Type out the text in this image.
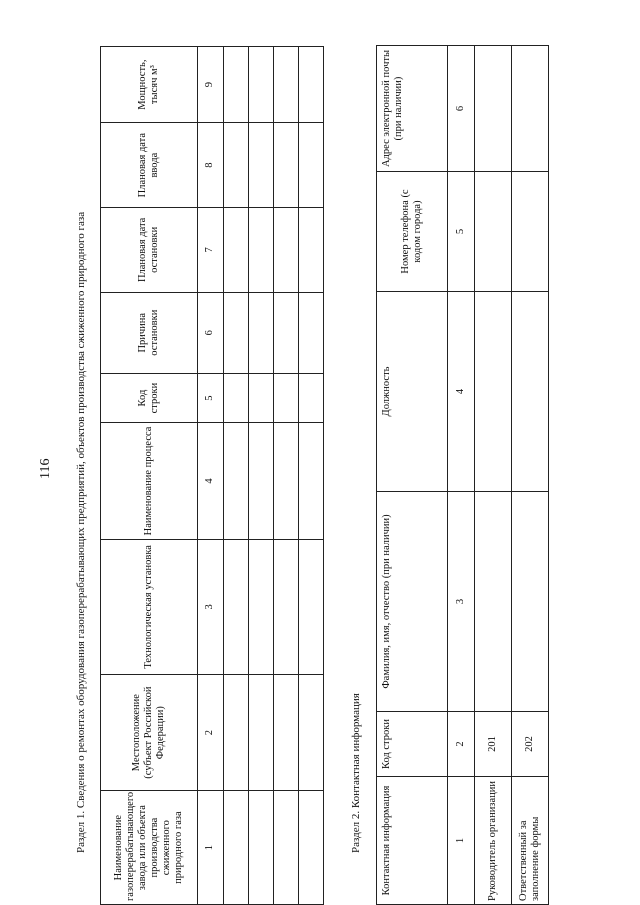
116 Раздел 1. Сведения о ремонтах оборудования газоперерабатывающих предприятий, объектов производства сжиженного природного газа Наименование газоперерабатывающего завода или объекта производства сжиженного природного газа	Местоположение (субъект Российской Федерации)	Технологическая установка	Наименование процесса	Код строки	Причина остановки	Плановая дата остановки	Плановая дата ввода	Мощность, тысяч м³
1	2	3	4	5	6	7	8	9

Раздел 2. Контактная информация Контактная информация	Код строки	Фамилия, имя, отчество (при наличии)	Должность	Номер телефона (с кодом города)	Адрес электронной почты (при наличии)
1	2	3	4	5	6
Руководитель организации	201				
Ответственный за заполнение формы	202				
